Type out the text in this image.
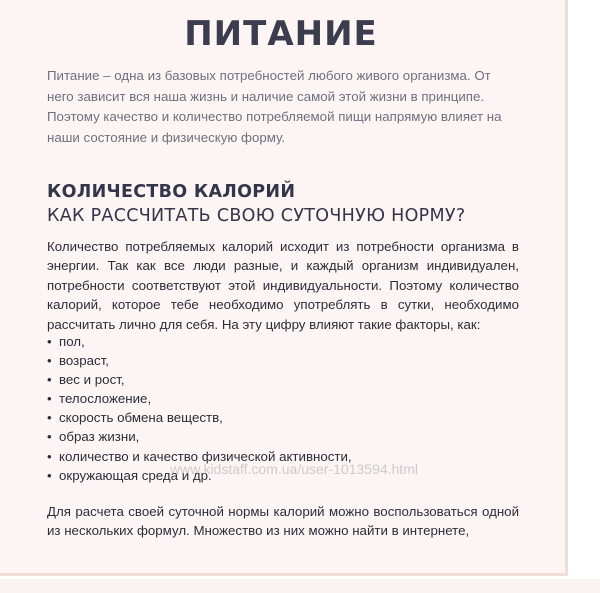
ПИТАНИЕ

Питание – одна из базовых потребностей любого живого организма. От него зависит вся наша жизнь и наличие самой этой жизни в принципе. Поэтому качество и количество потребляемой пищи напрямую влияет на наши состояние и физическую форму.

КОЛИЧЕСТВО КАЛОРИЙ
КАК РАССЧИТАТЬ СВОЮ СУТОЧНУЮ НОРМУ?

Количество потребляемых калорий исходит из потребности организма в энергии. Так как все люди разные, и каждый организм индивидуален, потребности соответствуют этой индивидуальности. Поэтому количество калорий, которое тебе необходимо употреблять в сутки, необходимо рассчитать лично для себя. На эту цифру влияют такие факторы, как:

• пол,
• возраст,
• вес и рост,
• телосложение,
• скорость обмена веществ,
• образ жизни,
• количество и качество физической активности,
• окружающая среда и др.
www.kidstaff.com.ua/user-1013594.html

Для расчета своей суточной нормы калорий можно воспользоваться одной из нескольких формул. Множество из них можно найти в интернете,
